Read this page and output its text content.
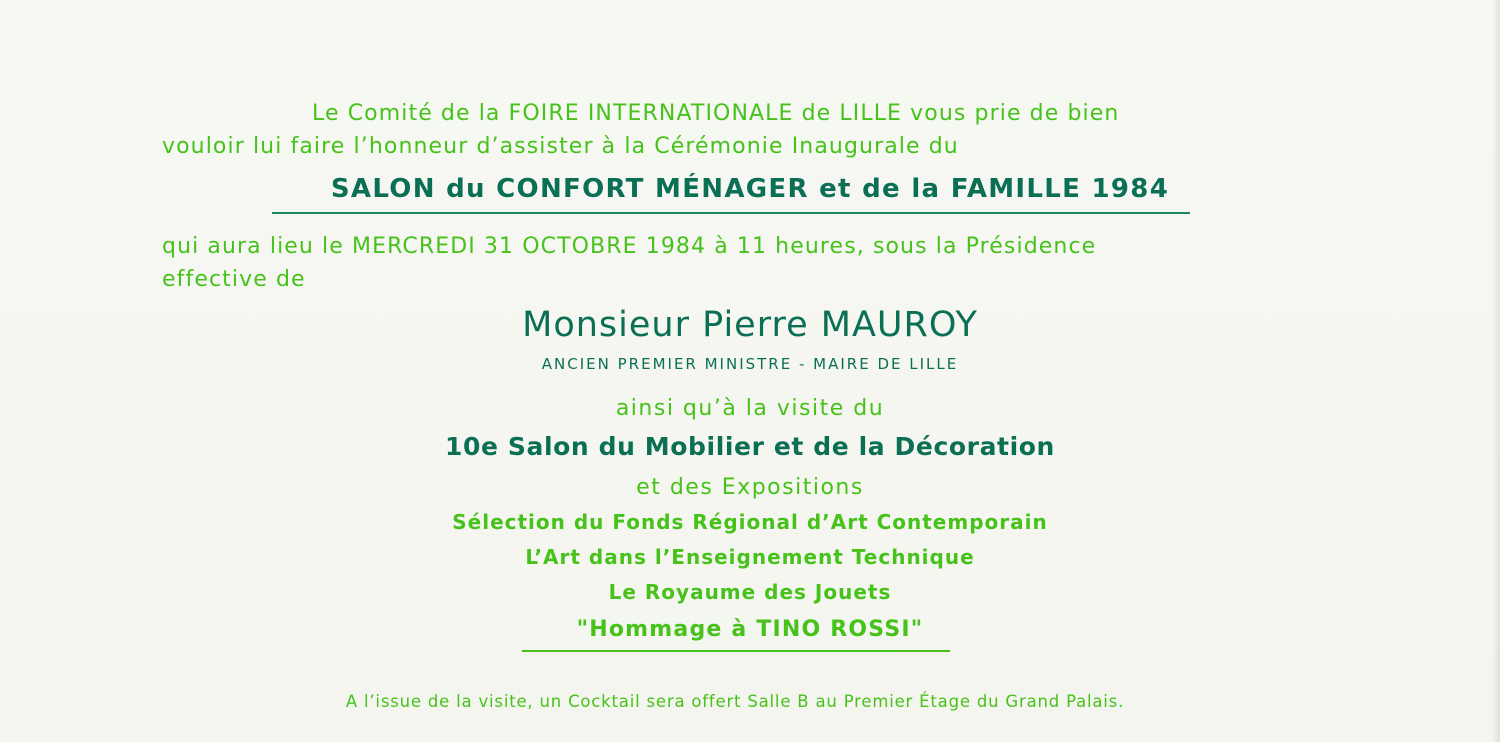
Le Comité de la FOIRE INTERNATIONALE de LILLE vous prie de bien
vouloir lui faire l’honneur d’assister à la Cérémonie Inaugurale du

SALON du CONFORT MÉNAGER et de la FAMILLE 1984

qui aura lieu le MERCREDI 31 OCTOBRE 1984 à 11 heures, sous la Présidence
effective de

Monsieur Pierre MAUROY

ANCIEN PREMIER MINISTRE - MAIRE DE LILLE

ainsi qu’à la visite du

10e Salon du Mobilier et de la Décoration

et des Expositions

Sélection du Fonds Régional d’Art Contemporain

L’Art dans l’Enseignement Technique

Le Royaume des Jouets

"Hommage à TINO ROSSI"

A l’issue de la visite, un Cocktail sera offert Salle B au Premier Étage du Grand Palais.
